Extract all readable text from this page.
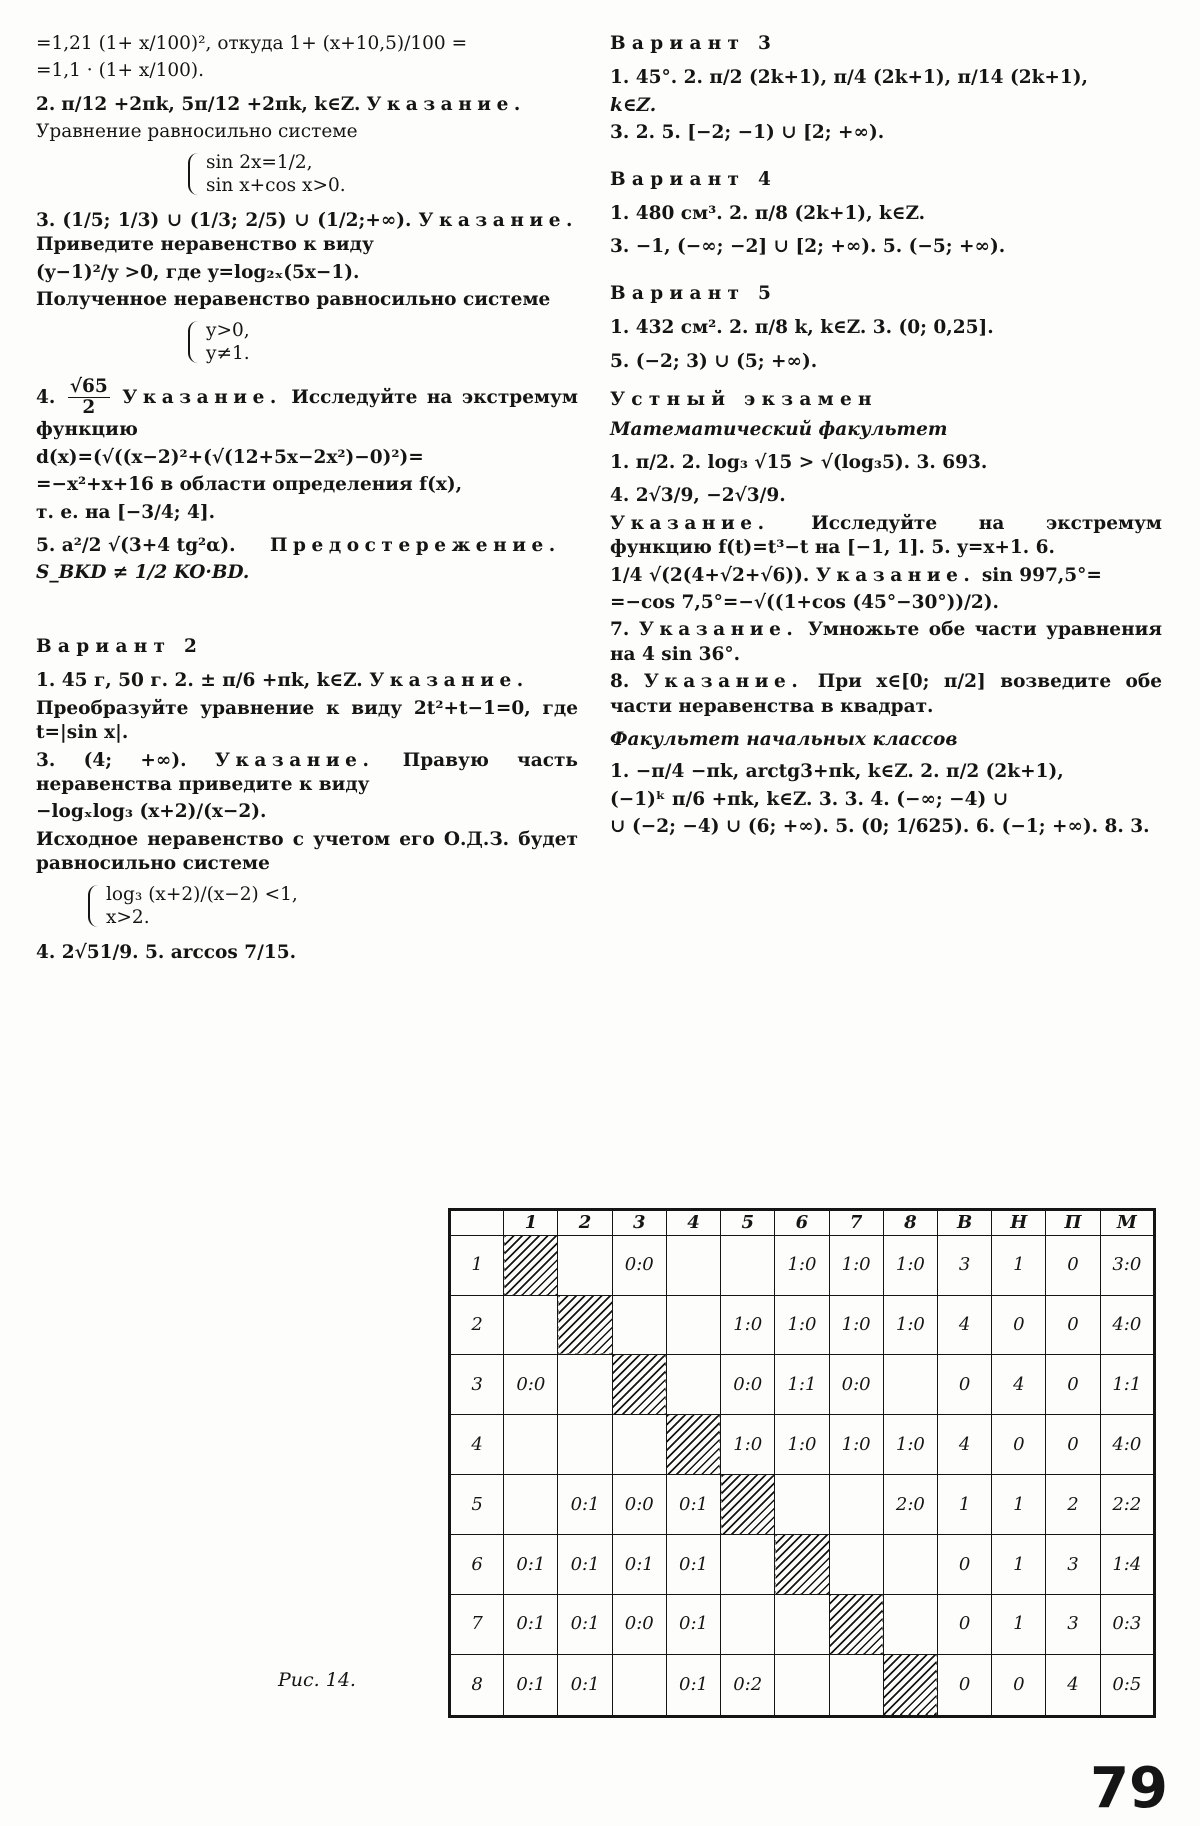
=1,21 (1+ x/100)², откуда 1+ (x+10,5)/100 =
=1,1 · (1+ x/100).
2. π/12 +2πk, 5π/12 +2πk, k∈Z. Указание.
Уравнение равносильно системе
sin 2x=1/2,
sin x+cos x>0.
3. (1/5; 1/3) ∪ (1/3; 2/5) ∪ (1/2;+∞). Указание. Приведите неравенство к виду
(y−1)²/y >0, где y=log₂ₓ(5x−1).
Полученное неравенство равносильно системе
y>0,
y≠1.
4. $\frac{√65}{2}$ Указание. Исследуйте на экстремум функцию
d(x)=(√((x−2)²+(√(12+5x−2x²)−0)²)=
=−x²+x+16 в области определения f(x),
т. е. на [−3/4; 4].
5. a²/2 √(3+4 tg²α). Предостережение.
S_BKD ≠ 1/2 KO·BD.
Вариант 2
1. 45 г, 50 г. 2. ± π/6 +πk, k∈Z. Указание.
Преобразуйте уравнение к виду 2t²+t−1=0, где t=|sin x|.
3. (4; +∞). Указание. Правую часть неравенства приведите к виду
−logₓlog₃ (x+2)/(x−2).
Исходное неравенство с учетом его О.Д.З. будет равносильно системе
log₃ (x+2)/(x−2) <1,
x>2.
4. 2√51/9. 5. arccos 7/15.
Вариант 3
1. 45°. 2. π/2 (2k+1), π/4 (2k+1), π/14 (2k+1),
k∈Z.
3. 2. 5. [−2; −1) ∪ [2; +∞).
Вариант 4
1. 480 см³. 2. π/8 (2k+1), k∈Z.
3. −1, (−∞; −2] ∪ [2; +∞). 5. (−5; +∞).
Вариант 5
1. 432 см². 2. π/8 k, k∈Z. 3. (0; 0,25].
5. (−2; 3) ∪ (5; +∞).
Устный экзамен
Математический факультет
1. π/2. 2. log₃ √15 > √(log₃5). 3. 693.
4. 2√3/9, −2√3/9.
Указание. Исследуйте на экстремум функцию f(t)=t³−t на [−1, 1]. 5. y=x+1. 6.
1/4 √(2(4+√2+√6)). Указание. sin 997,5°=
=−cos 7,5°=−√((1+cos (45°−30°))/2).
7. Указание. Умножьте обе части уравнения на 4 sin 36°.
8. Указание. При x∈[0; π/2] возведите обе части неравенства в квадрат.
Факультет начальных классов
1. −π/4 −πk, arctg3+πk, k∈Z. 2. π/2 (2k+1),
(−1)ᵏ π/6 +πk, k∈Z. 3. 3. 4. (−∞; −4) ∪
∪ (−2; −4) ∪ (6; +∞). 5. (0; 1/625). 6. (−1; +∞). 8. 3.
	1	2	3	4	5	6	7	8	В	Н	П	М
1			0:0			1:0	1:0	1:0	3	1	0	3:0
2					1:0	1:0	1:0	1:0	4	0	0	4:0
3	0:0				0:0	1:1	0:0		0	4	0	1:1
4					1:0	1:0	1:0	1:0	4	0	0	4:0
5		0:1	0:0	0:1				2:0	1	1	2	2:2
6	0:1	0:1	0:1	0:1					0	1	3	1:4
7	0:1	0:1	0:0	0:1					0	1	3	0:3
8	0:1	0:1		0:1	0:2				0	0	4	0:5
Рис. 14.
79
